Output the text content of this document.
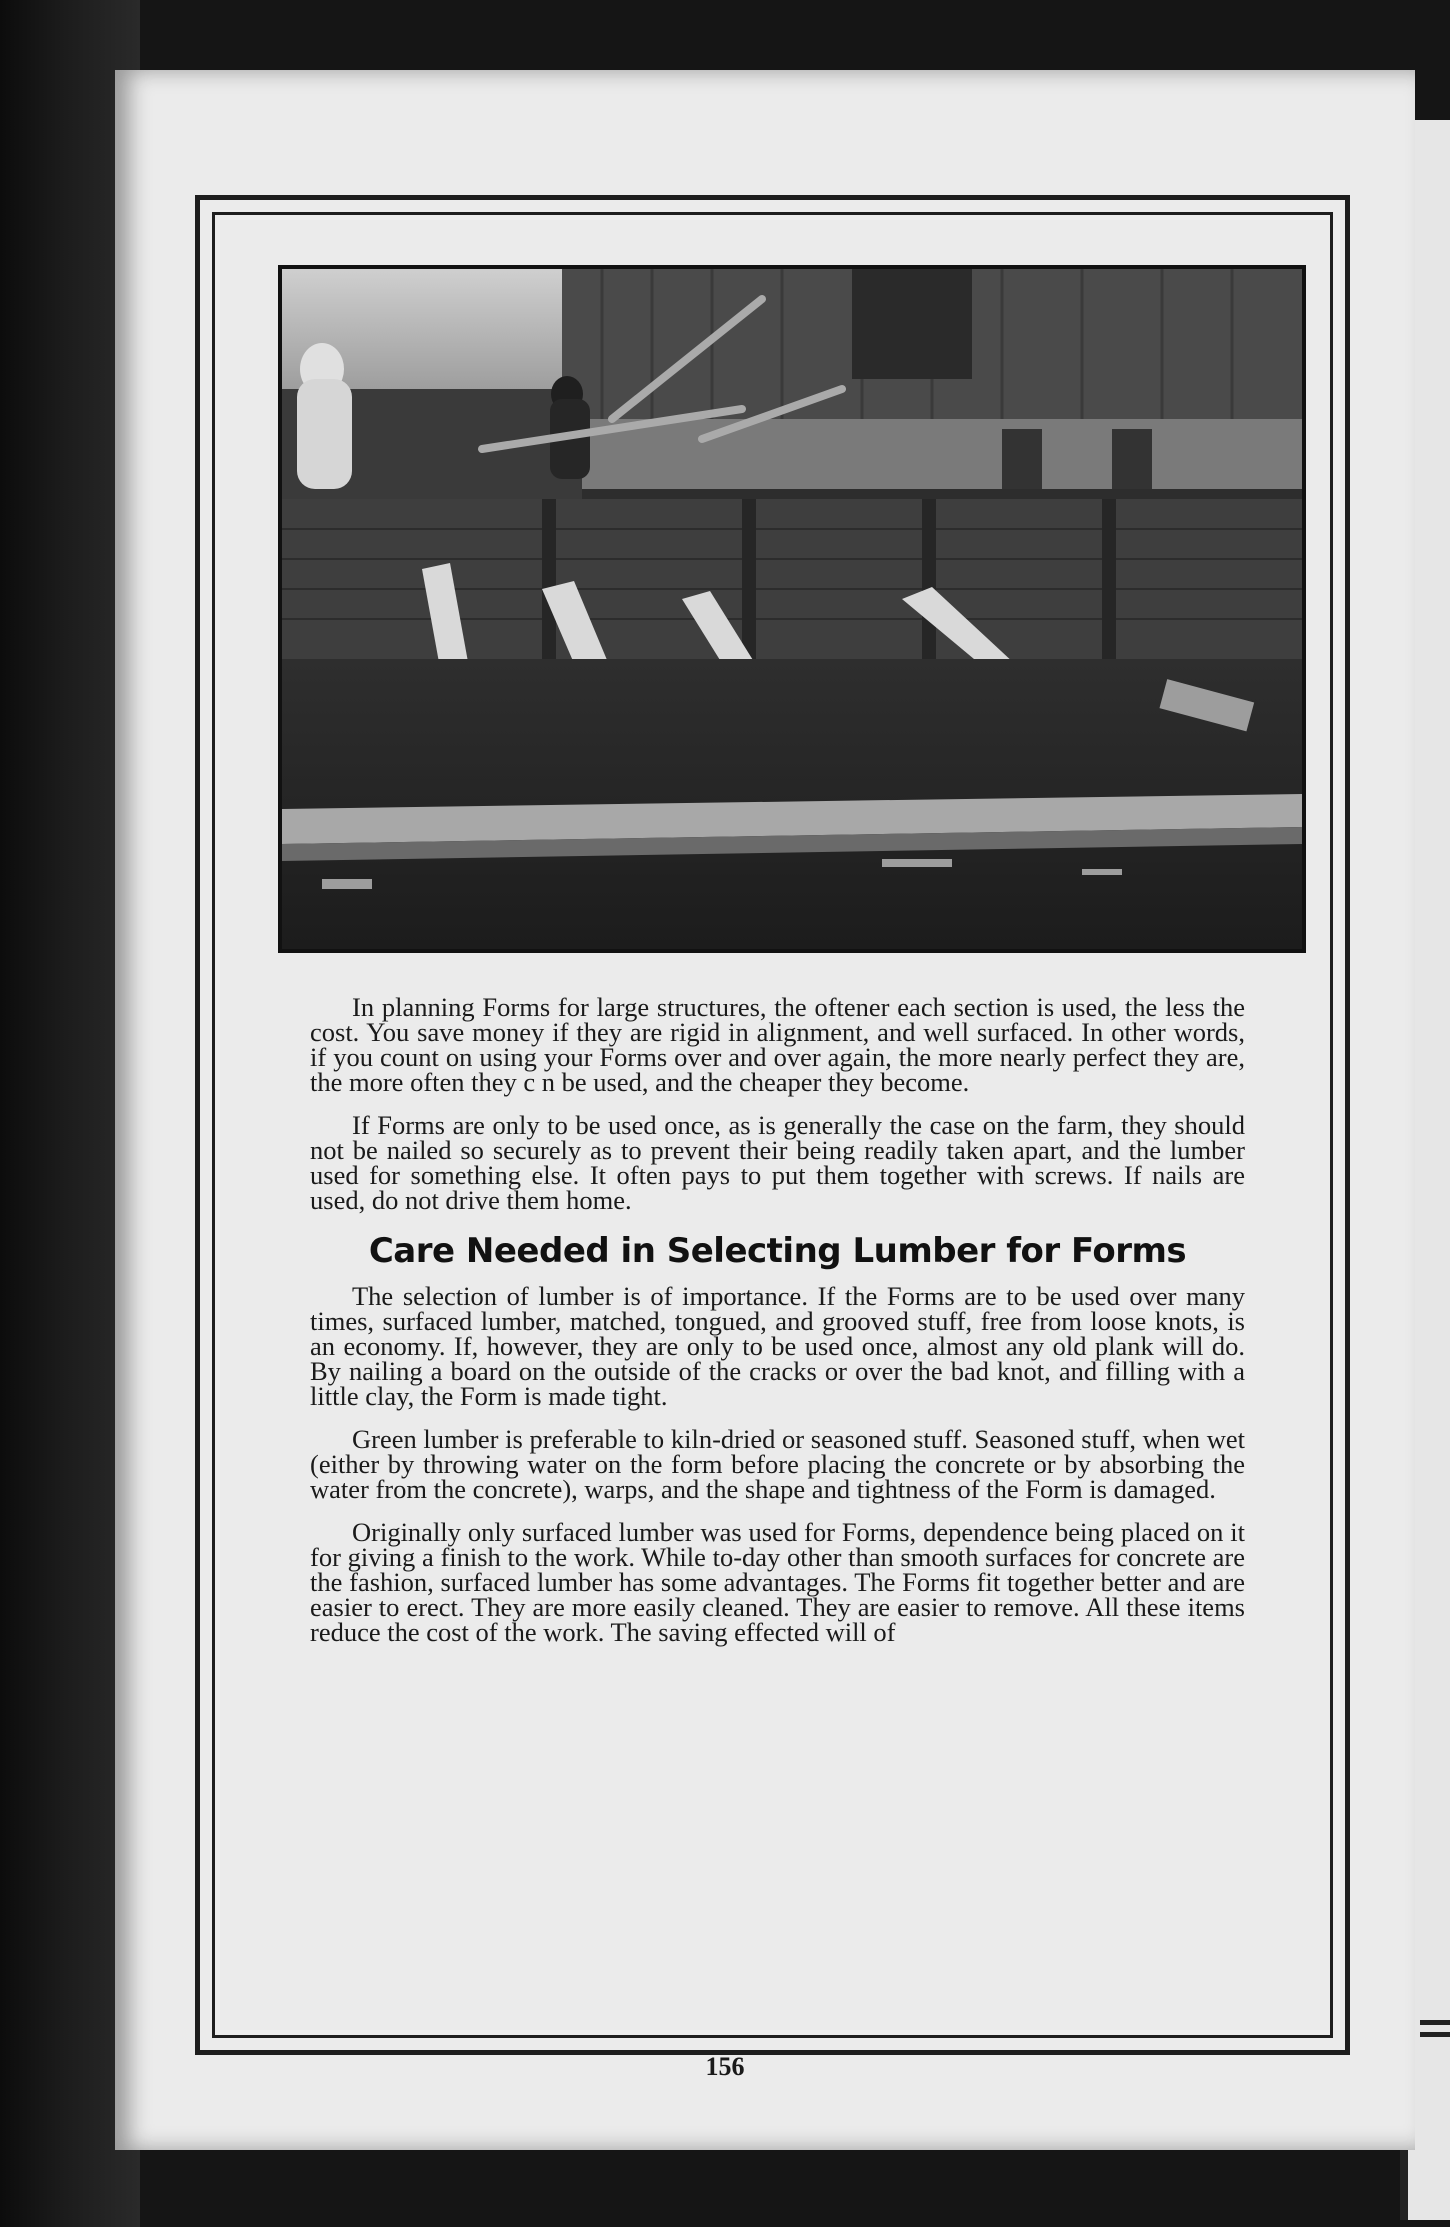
In planning Forms for large structures, the oftener each section is used, the less the cost. You save money if they are rigid in alignment, and well surfaced. In other words, if you count on using your Forms over and over again, the more nearly perfect they are, the more often they c n be used, and the cheaper they become.

If Forms are only to be used once, as is generally the case on the farm, they should not be nailed so securely as to prevent their being readily taken apart, and the lumber used for something else. It often pays to put them together with screws. If nails are used, do not drive them home.

Care Needed in Selecting Lumber for Forms

The selection of lumber is of importance. If the Forms are to be used over many times, surfaced lumber, matched, tongued, and grooved stuff, free from loose knots, is an economy. If, however, they are only to be used once, almost any old plank will do. By nailing a board on the outside of the cracks or over the bad knot, and filling with a little clay, the Form is made tight.

Green lumber is preferable to kiln-dried or seasoned stuff. Seasoned stuff, when wet (either by throwing water on the form before placing the concrete or by absorbing the water from the concrete), warps, and the shape and tightness of the Form is damaged.

Originally only surfaced lumber was used for Forms, dependence being placed on it for giving a finish to the work. While to-day other than smooth surfaces for concrete are the fashion, surfaced lumber has some advantages. The Forms fit together better and are easier to erect. They are more easily cleaned. They are easier to remove. All these items reduce the cost of the work. The saving effected will of

156
